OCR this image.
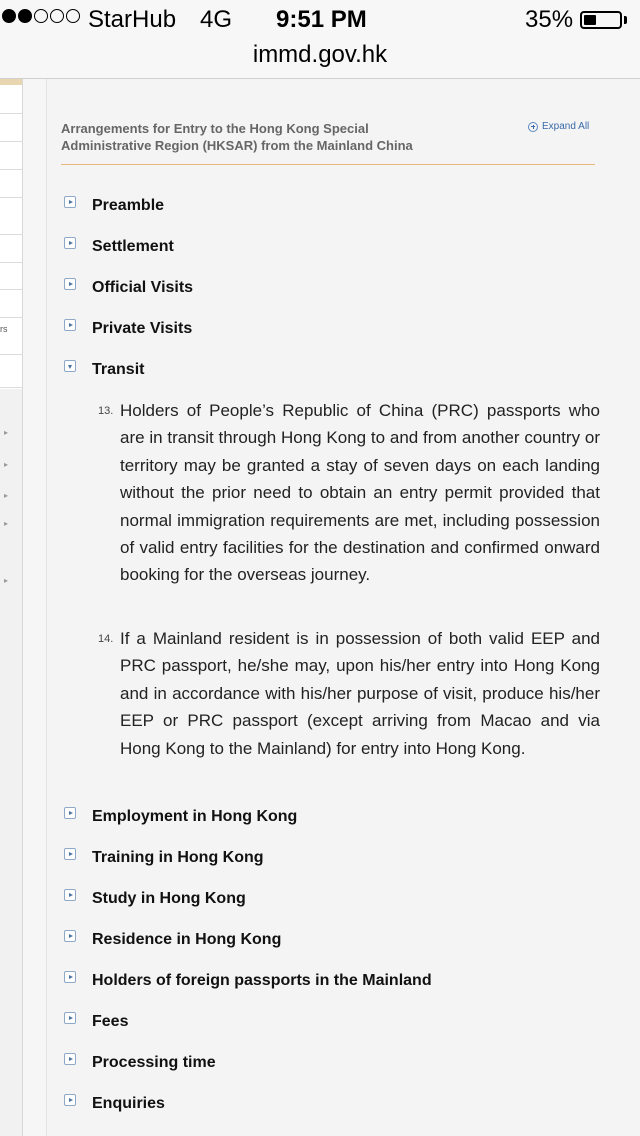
StarHub 4G 9:51 PM	35%
immd.gov.hk
rs
▸
▸
▸
▸
▸
Arrangements for Entry to the Hong Kong Special Administrative Region (HKSAR) from the Mainland China
Expand All
Preamble
Settlement
Official Visits
Private Visits
Transit
13. Holders of People’s Republic of China (PRC) passports who are in transit through Hong Kong to and from another country or territory may be granted a stay of seven days on each landing without the prior need to obtain an entry permit provided that normal immigration requirements are met, including possession of valid entry facilities for the destination and confirmed onward booking for the overseas journey.
14. If a Mainland resident is in possession of both valid EEP and PRC passport, he/she may, upon his/her entry into Hong Kong and in accordance with his/her purpose of visit, produce his/her EEP or PRC passport (except arriving from Macao and via Hong Kong to the Mainland) for entry into Hong Kong.
Employment in Hong Kong
Training in Hong Kong
Study in Hong Kong
Residence in Hong Kong
Holders of foreign passports in the Mainland
Fees
Processing time
Enquiries
